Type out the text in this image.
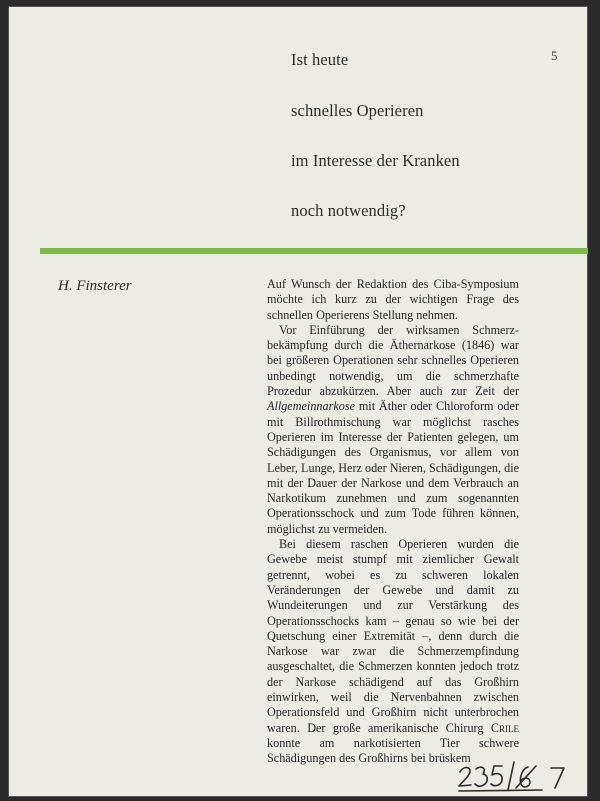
Ist heute
schnelles Operieren
im Interesse der Kranken
noch notwendig?
5
H. Finsterer	Auf Wunsch der Redaktion des Ciba-Symposium möchte ich kurz zu der wichtigen Frage des schnellen Operierens Stellung nehmen.

Vor Einführung der wirksamen Schmerzbekämpfung durch die Äthernarkose (1846) war bei größeren Operationen sehr schnelles Operieren unbedingt notwendig, um die schmerzhafte Prozedur abzukürzen. Aber auch zur Zeit der Allgemeinnarkose mit Äther oder Chloroform oder mit Billrothmischung war möglichst rasches Operieren im Interesse der Patienten gelegen, um Schädigungen des Organismus, vor allem von Leber, Lunge, Herz oder Nieren, Schädigungen, die mit der Dauer der Narkose und dem Verbrauch an Narkotikum zunehmen und zum sogenannten Operationsschock und zum Tode führen können, möglichst zu vermeiden.

Bei diesem raschen Operieren wurden die Gewebe meist stumpf mit ziemlicher Gewalt getrennt, wobei es zu schweren lokalen Veränderungen der Gewebe und damit zu Wundeiterungen und zur Verstärkung des Operationsschocks kam – genau so wie bei der Quetschung einer Extremität –, denn durch die Narkose war zwar die Schmerzempfindung ausgeschaltet, die Schmerzen konnten jedoch trotz der Narkose schädigend auf das Großhirn einwirken, weil die Nervenbahnen zwischen Operationsfeld und Großhirn nicht unterbrochen waren. Der große amerikanische Chirurg Crile konnte am narkotisierten Tier schwere Schädigungen des Großhirns bei brüskem
